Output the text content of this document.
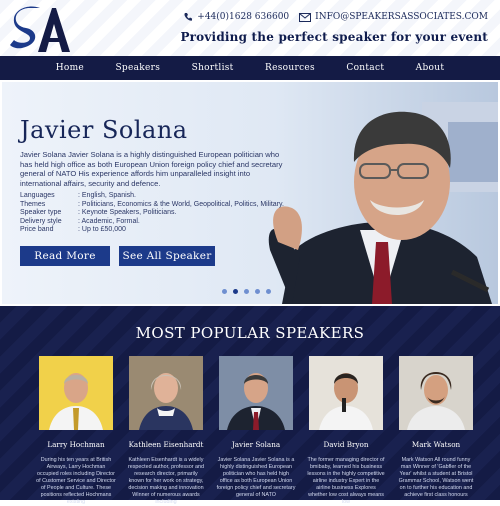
+44(0)1628 636600	INFO@SPEAKERSASSOCIATES.COM
Providing the perfect speaker for your event
Home	Speakers	Shortlist	Resources	Contact	About
Javier Solana
Javier Solana Javier Solana is a highly distinguished European politician who has held high office as both European Union foreign policy chief and secretary general of NATO His experience affords him unparalleled insight into international affairs, security and defence.
Languages	: English, Spanish.
Themes	: Politicians, Economics & the World, Geopolitical, Politics, Military.
Speaker type	: Keynote Speakers, Politicians.
Delivery style	: Academic, Formal.
Price band	: Up to £50,000
Read More	See All Speaker
MOST POPULAR SPEAKERS
Larry Hochman
During his ten years at British Airways, Larry Hochman occupied roles including Director of Customer Service and Director of People and Culture. These positions reflected Hochmans existing
Kathleen Eisenhardt
Kathleen Eisenhardt is a widely respected author, professor and research director, primarily known for her work on strategy, decision making and innovation Winner of numerous awards including
Javier Solana
Javier Solana Javier Solana is a highly distinguished European politician who has held high office as both European Union foreign policy chief and secretary general of NATO
David Bryon
The former managing director of bmibaby, learned his business lessons in the highly competitive airline industry Expert in the airline business Explores whether low cost always means low
Mark Watson
Mark Watson All round funny man Winner of 'Gabfler of the Year' whilst a student at Bristol Grammar School, Watson went on to further his education and achieve first class honours
